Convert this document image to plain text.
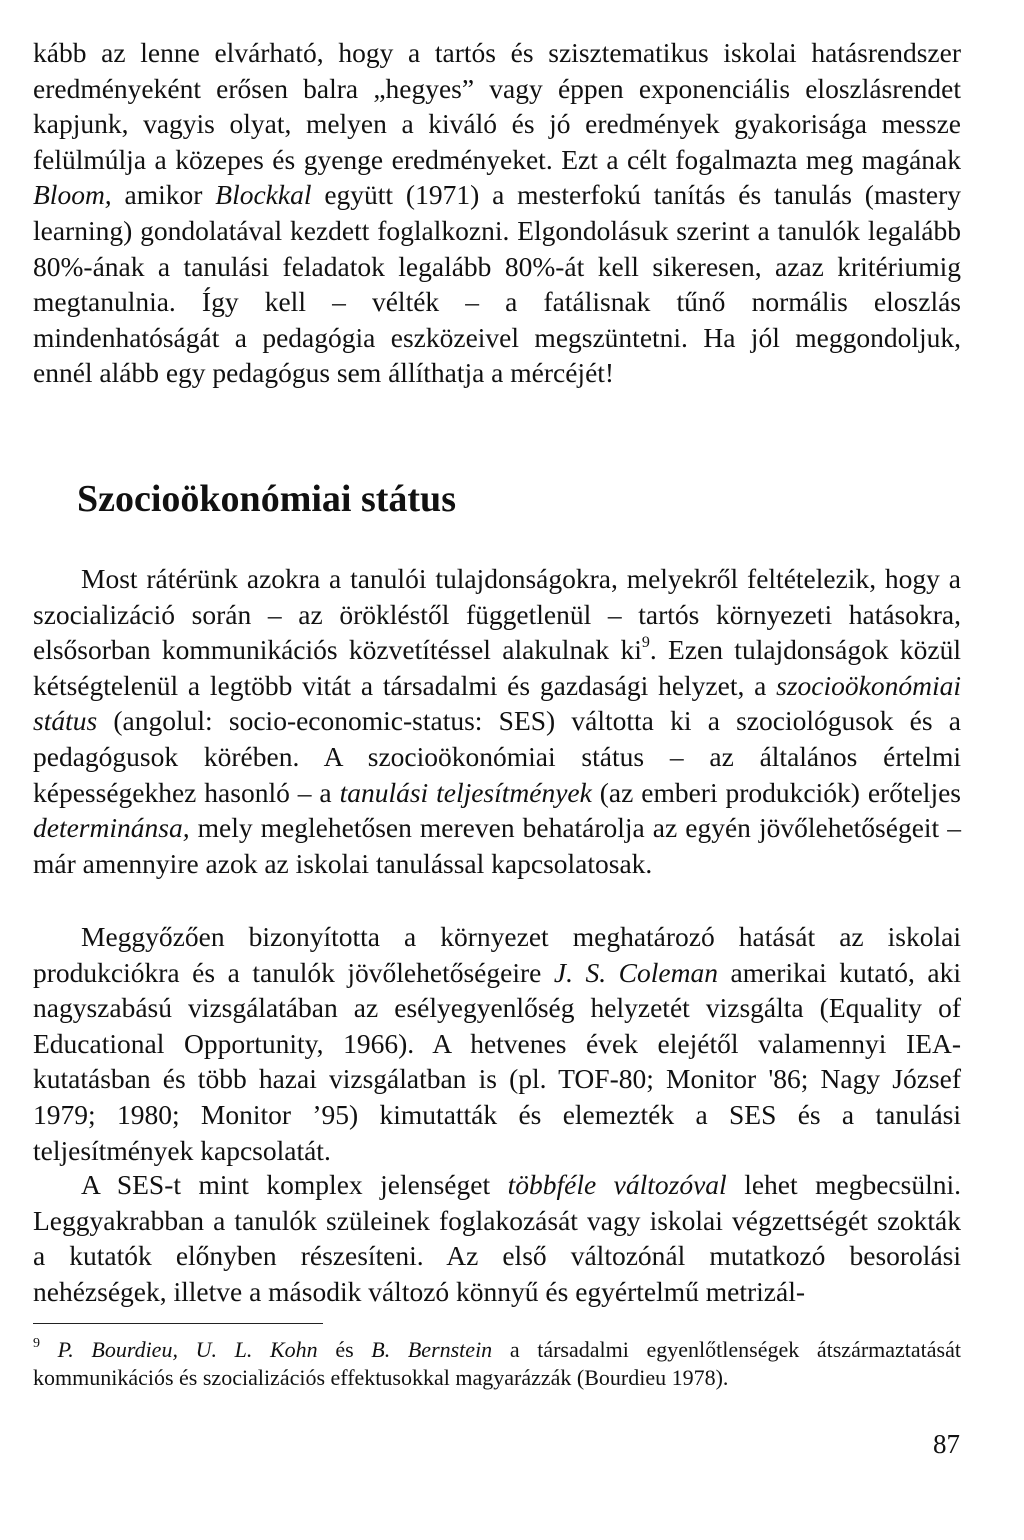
kább az lenne elvárható, hogy a tartós és szisztematikus iskolai hatásrendszer eredményeként erősen balra „hegyes” vagy éppen exponenciális eloszlásrendet kapjunk, vagyis olyat, melyen a kiváló és jó eredmények gyakorisága messze felülmúlja a közepes és gyenge eredményeket. Ezt a célt fogalmazta meg magának Bloom, amikor Blockkal együtt (1971) a mesterfokú tanítás és tanulás (mastery learning) gondolatával kezdett foglalkozni. Elgondolásuk szerint a tanulók legalább 80%-ának a tanulási feladatok legalább 80%-át kell sikeresen, azaz kritériumig megtanulnia. Így kell – vélték – a fatálisnak tűnő normális eloszlás mindenhatóságát a pedagógia eszközeivel megszüntetni. Ha jól meggondoljuk, ennél alább egy pedagógus sem állíthatja a mércéjét!

Szocioökonómiai státus

Most rátérünk azokra a tanulói tulajdonságokra, melyekről feltételezik, hogy a szocializáció során – az örökléstől függetlenül – tartós környezeti hatásokra, elsősorban kommunikációs közvetítéssel alakulnak $ki^9$. Ezen tulajdonságok közül kétségtelenül a legtöbb vitát a társadalmi és gazdasági helyzet, a szocioökonómiai státus (angolul: socio-economic-status: SES) váltotta ki a szociológusok és a pedagógusok körében. A szocioökonómiai státus – az általános értelmi képességekhez hasonló – a tanulási teljesítmények (az emberi produkciók) erőteljes determinánsa, mely meglehetősen mereven behatárolja az egyén jövőlehetőségeit – már amennyire azok az iskolai tanulással kapcsolatosak.

Meggyőzően bizonyította a környezet meghatározó hatását az iskolai produkciókra és a tanulók jövőlehetőségeire J. S. Coleman amerikai kutató, aki nagyszabású vizsgálatában az esélyegyenlőség helyzetét vizsgálta (Equality of Educational Opportunity, 1966). A hetvenes évek elejétől valamennyi IEA-kutatásban és több hazai vizsgálatban is (pl. TOF-80; Monitor '86; Nagy József 1979; 1980; Monitor ’95) kimutatták és elemezték a SES és a tanulási teljesítmények kapcsolatát.

A SES-t mint komplex jelenséget többféle változóval lehet megbecsülni. Leggyakrabban a tanulók szüleinek foglakozását vagy iskolai végzettségét szokták a kutatók előnyben részesíteni. Az első változónál mutatkozó besorolási nehézségek, illetve a második változó könnyű és egyértelmű metrizál-

$^9$ P. Bourdieu, U. L. Kohn és B. Bernstein a társadalmi egyenlőtlenségek átszármaztatását kommunikációs és szocializációs effektusokkal magyarázzák (Bourdieu 1978).

87
